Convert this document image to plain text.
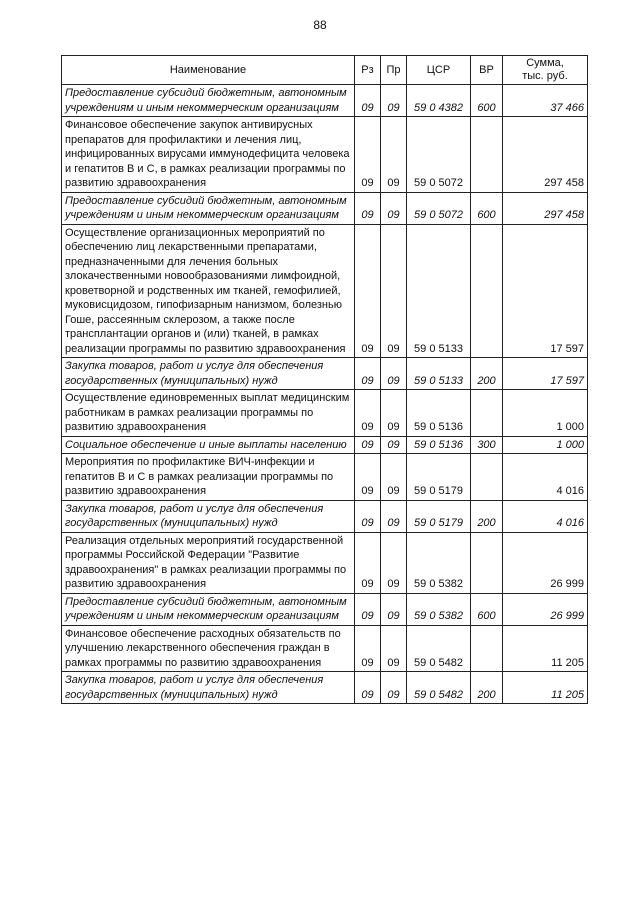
88
Наименование	Рз	Пр	ЦСР	ВР	Сумма,
тыс. руб.

Предоставление субсидий бюджетным, автономным учреждениям и иным некоммерческим организациям	09	09	59 0 4382	600	37 466
Финансовое обеспечение закупок антивирусных препаратов для профилактики и лечения лиц, инфицированных вирусами иммунодефицита человека и гепатитов В и С, в рамках реализации программы по развитию здравоохранения	09	09	59 0 5072		297 458
Предоставление субсидий бюджетным, автономным учреждениям и иным некоммерческим организациям	09	09	59 0 5072	600	297 458
Осуществление организационных мероприятий по обеспечению лиц лекарственными препаратами, предназначенными для лечения больных злокачественными новообразованиями лимфоидной, кроветворной и родственных им тканей, гемофилией, муковисцидозом, гипофизарным нанизмом, болезнью Гоше, рассеянным склерозом, а также после трансплантации органов и (или) тканей, в рамках реализации программы по развитию здравоохранения	09	09	59 0 5133		17 597
Закупка товаров, работ и услуг для обеспечения государственных (муниципальных) нужд	09	09	59 0 5133	200	17 597
Осуществление единовременных выплат медицинским работникам в рамках реализации программы по развитию здравоохранения	09	09	59 0 5136		1 000
Социальное обеспечение и иные выплаты населению	09	09	59 0 5136	300	1 000
Мероприятия по профилактике ВИЧ-инфекции и гепатитов В и С в рамках реализации программы по развитию здравоохранения	09	09	59 0 5179		4 016
Закупка товаров, работ и услуг для обеспечения государственных (муниципальных) нужд	09	09	59 0 5179	200	4 016
Реализация отдельных мероприятий государственной программы Российской Федерации "Развитие здравоохранения" в рамках реализации программы по развитию здравоохранения	09	09	59 0 5382		26 999
Предоставление субсидий бюджетным, автономным учреждениям и иным некоммерческим организациям	09	09	59 0 5382	600	26 999
Финансовое обеспечение расходных обязательств по улучшению лекарственного обеспечения граждан в рамках программы по развитию здравоохранения	09	09	59 0 5482		11 205
Закупка товаров, работ и услуг для обеспечения государственных (муниципальных) нужд	09	09	59 0 5482	200	11 205
